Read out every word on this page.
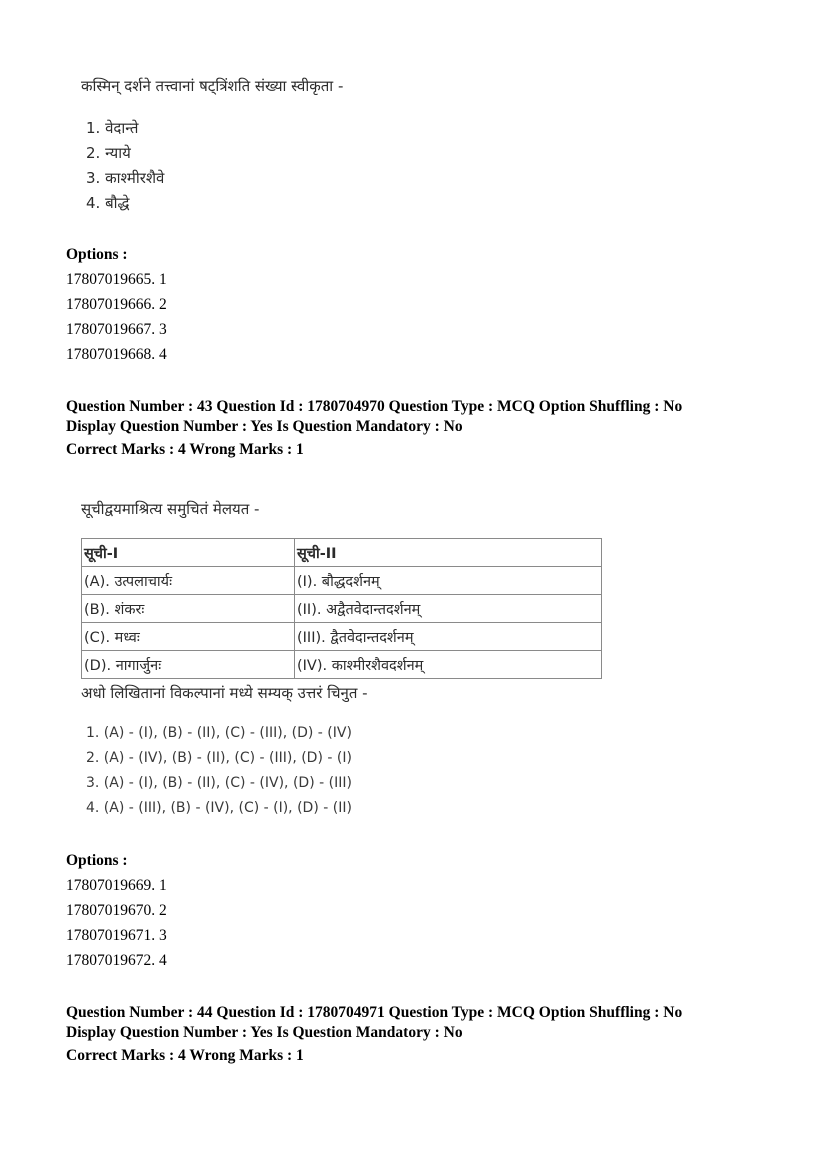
कस्मिन् दर्शने तत्त्वानां षट्त्रिंशति संख्या स्वीकृता -
1. वेदान्ते
2. न्याये
3. काश्मीरशैवे
4. बौद्धे
Options :
17807019665. 1
17807019666. 2
17807019667. 3
17807019668. 4
Question Number : 43 Question Id : 1780704970 Question Type : MCQ Option Shuffling : No
Display Question Number : Yes Is Question Mandatory : No
Correct Marks : 4 Wrong Marks : 1
सूचीद्वयमाश्रित्य समुचितं मेलयत -
सूची-I	सूची-II
(A). उत्पलाचार्यः	(I). बौद्धदर्शनम्
(B). शंकरः	(II). अद्वैतवेदान्तदर्शनम्
(C). मध्वः	(III). द्वैतवेदान्तदर्शनम्
(D). नागार्जुनः	(IV). काश्मीरशैवदर्शनम्
अधो लिखितानां विकल्पानां मध्ये सम्यक् उत्तरं चिनुत -
1. (A) - (I), (B) - (II), (C) - (III), (D) - (IV)
2. (A) - (IV), (B) - (II), (C) - (III), (D) - (I)
3. (A) - (I), (B) - (II), (C) - (IV), (D) - (III)
4. (A) - (III), (B) - (IV), (C) - (I), (D) - (II)
Options :
17807019669. 1
17807019670. 2
17807019671. 3
17807019672. 4
Question Number : 44 Question Id : 1780704971 Question Type : MCQ Option Shuffling : No
Display Question Number : Yes Is Question Mandatory : No
Correct Marks : 4 Wrong Marks : 1
